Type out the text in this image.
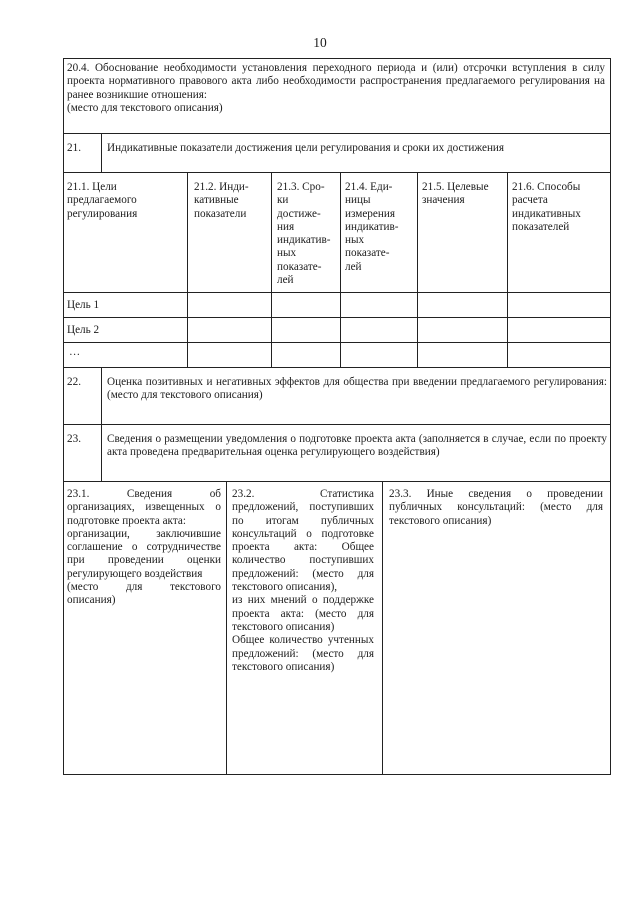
10
20.4. Обоснование необходимости установления переходного периода и (или) отсрочки вступления в силу проекта нормативного правового акта либо необходимости распространения предлагаемого регулирования на ранее возникшие отношения:
(место для текстового описания)
21. Индикативные показатели достижения цели регулирования и сроки их достижения
21.1. Цели
предлагаемого
регулирования
21.2. Инди-
кативные
показатели
21.3. Сро-
ки
достиже-
ния
индикатив-
ных
показате-
лей
21.4. Еди-
ницы
измерения
индикатив-
ных
показате-
лей
21.5. Целевые
значения
21.6. Способы
расчета
индикативных
показателей
Цель 1
Цель 2
…
22. Оценка позитивных и негативных эффектов для общества при введении предлагаемого регулирования: (место для текстового описания)
23. Сведения о размещении уведомления о подготовке проекта акта (заполняется в случае, если по проекту акта проведена предварительная оценка регулирующего воздействия)
23.1. Сведения об организациях, извещенных о подготовке проекта акта:
организации, заключившие соглашение о сотрудничестве при проведении оценки регулирующего воздействия
(место для текстового описания)
23.2. Статистика предложений, поступивших по итогам публичных консультаций о подготовке проекта акта: Общее количество поступивших предложений: (место для текстового описания),
из них мнений о поддержке проекта акта: (место для текстового описания)
Общее количество учтенных предложений: (место для текстового описания)
23.3. Иные сведения о проведении публичных консультаций: (место для текстового описания)
